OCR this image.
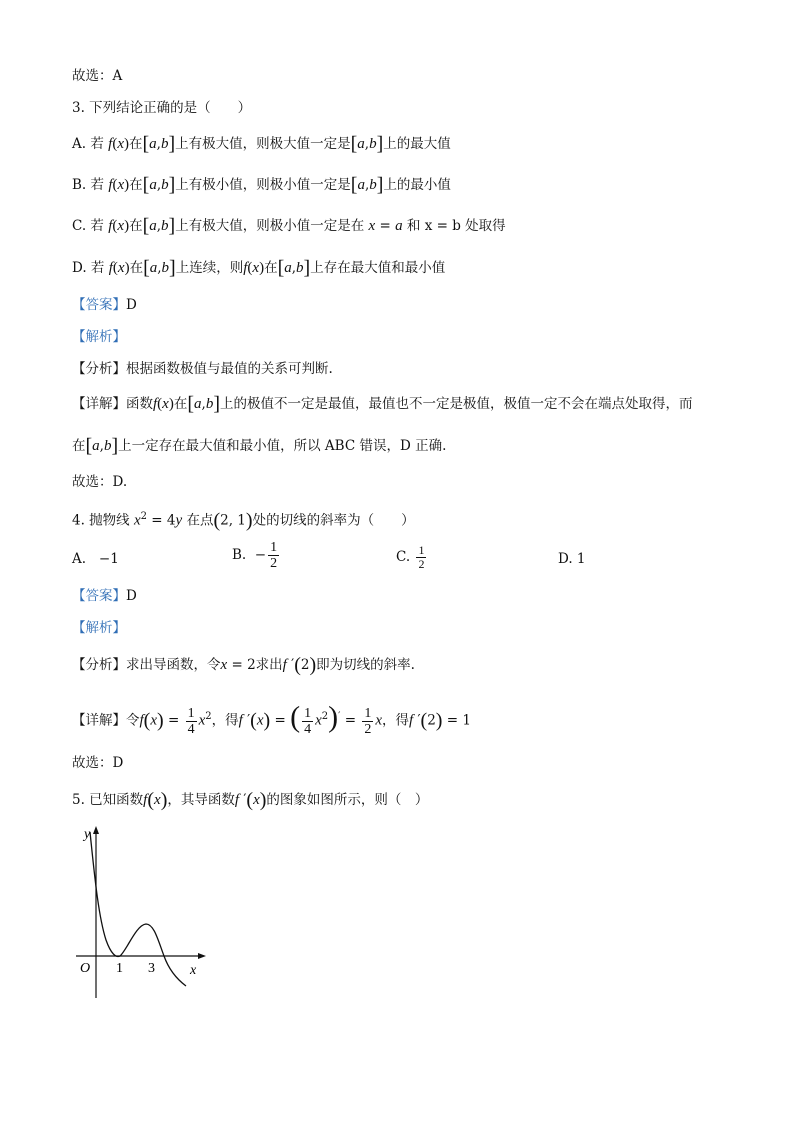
故选：A
3. 下列结论正确的是（　　）
A. 若 f(x)在[a,b]上有极大值，则极大值一定是[a,b]上的最大值
B. 若 f(x)在[a,b]上有极小值，则极小值一定是[a,b]上的最小值
C. 若 f(x)在[a,b]上有极大值，则极小值一定是在 x = a 和 x = b 处取得
D. 若 f(x)在[a,b]上连续，则f(x)在[a,b]上存在最大值和最小值
【答案】D
【解析】
【分析】根据函数极值与最值的关系可判断.
【详解】函数f(x)在[a,b]上的极值不一定是最值，最值也不一定是极值，极值一定不会在端点处取得，而
在[a,b]上一定存在最大值和最小值，所以 ABC 错误，D 正确.
故选：D.
4. 抛物线 $x^2 = 4y$ 在点(2, 1)处的切线的斜率为（　　）
A.   −1	B.  − $\frac{1}{2}$	C. $\frac{1}{2}$	D. 1
【答案】D
【解析】
【分析】求出导函数，令x = 2求出f ′(2)即为切线的斜率.
【详解】令$f(x) = \frac{1}{4} x^2$，得f ′(x) = ( $\frac{1}{4} x^2)' = \frac{1}{2}$ x，得f ′(2) = 1
故选：D
5. 已知函数f(x)，其导函数f ′(x)的图象如图所示，则（　）
y
x
O 1 3
